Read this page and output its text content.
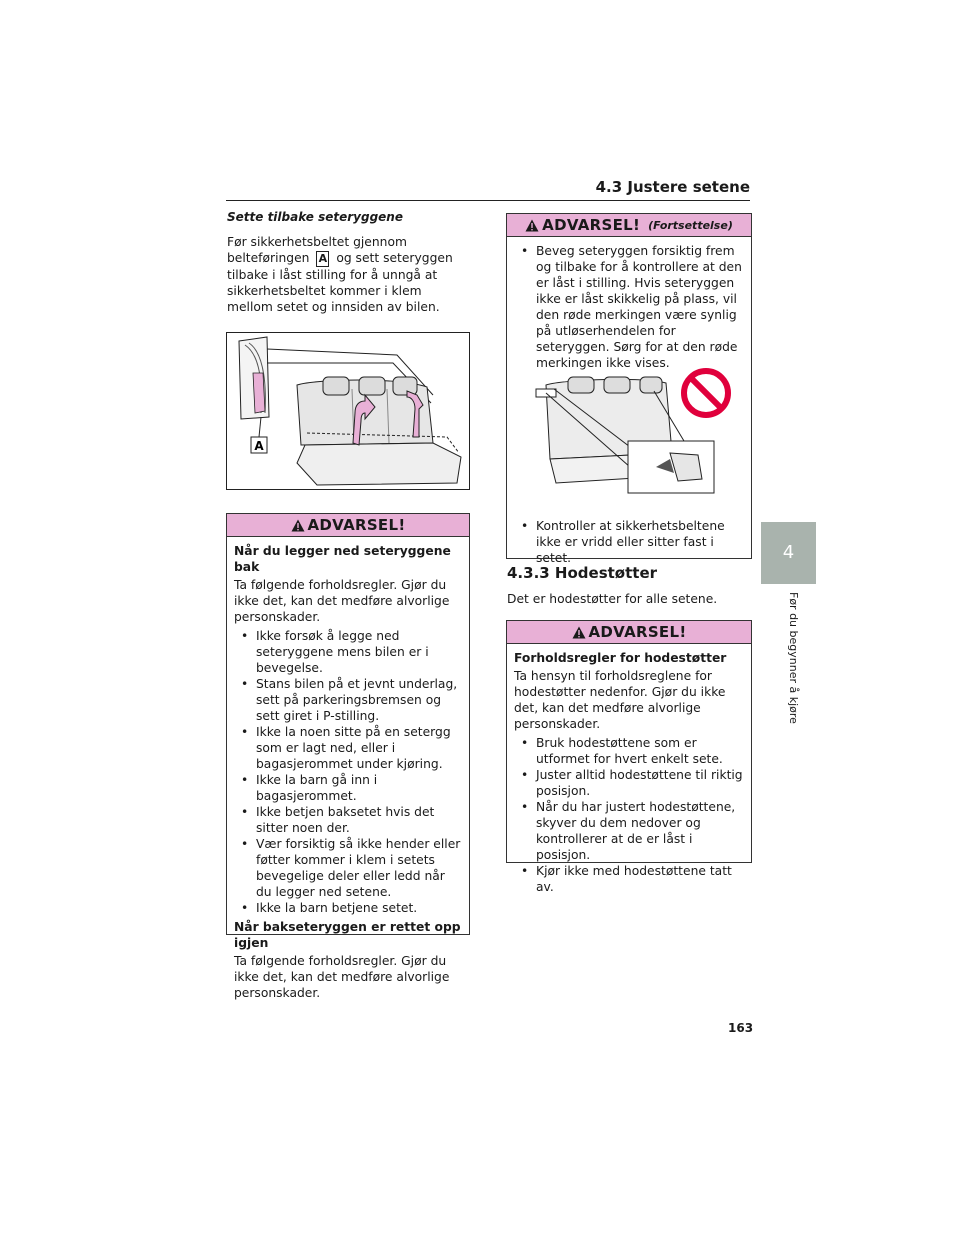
4.3 Justere setene
4
Før du begynner å kjøre
Sette tilbake seteryggene
Før sikkerhetsbeltet gjennom belteføringen A og sett seteryggen tilbake i låst stilling for å unngå at sikkerhetsbeltet kommer i klem mellom setet og innsiden av bilen.
A
ADVARSEL!

Når du legger ned seteryggene bak

Ta følgende forholdsregler. Gjør du ikke det, kan det medføre alvorlige personskader.

• Ikke forsøk å legge ned seteryggene mens bilen er i bevegelse.
• Stans bilen på et jevnt underlag, sett på parkeringsbremsen og sett giret i P-stilling.
• Ikke la noen sitte på en setergg som er lagt ned, eller i bagasjerommet under kjøring.
• Ikke la barn gå inn i bagasjerommet.
• Ikke betjen baksetet hvis det sitter noen der.
• Vær forsiktig så ikke hender eller føtter kommer i klem i setets bevegelige deler eller ledd når du legger ned setene.
• Ikke la barn betjene setet.

Når bakseteryggen er rettet opp igjen

Ta følgende forholdsregler. Gjør du ikke det, kan det medføre alvorlige personskader.

ADVARSEL! (Fortsettelse)
• Beveg seteryggen forsiktig frem og tilbake for å kontrollere at den er låst i stilling. Hvis seteryggen ikke er låst skikkelig på plass, vil den røde merkingen være synlig på utløserhendelen for seteryggen. Sørg for at den røde merkingen ikke vises.
• Kontroller at sikkerhetsbeltene ikke er vridd eller sitter fast i setet.
4.3.3 Hodestøtter
Det er hodestøtter for alle setene.
ADVARSEL!

Forholdsregler for hodestøtter

Ta hensyn til forholdsreglene for hodestøtter nedenfor. Gjør du ikke det, kan det medføre alvorlige personskader.

• Bruk hodestøttene som er utformet for hvert enkelt sete.
• Juster alltid hodestøttene til riktig posisjon.
• Når du har justert hodestøttene, skyver du dem nedover og kontrollerer at de er låst i posisjon.
• Kjør ikke med hodestøttene tatt av.
163
